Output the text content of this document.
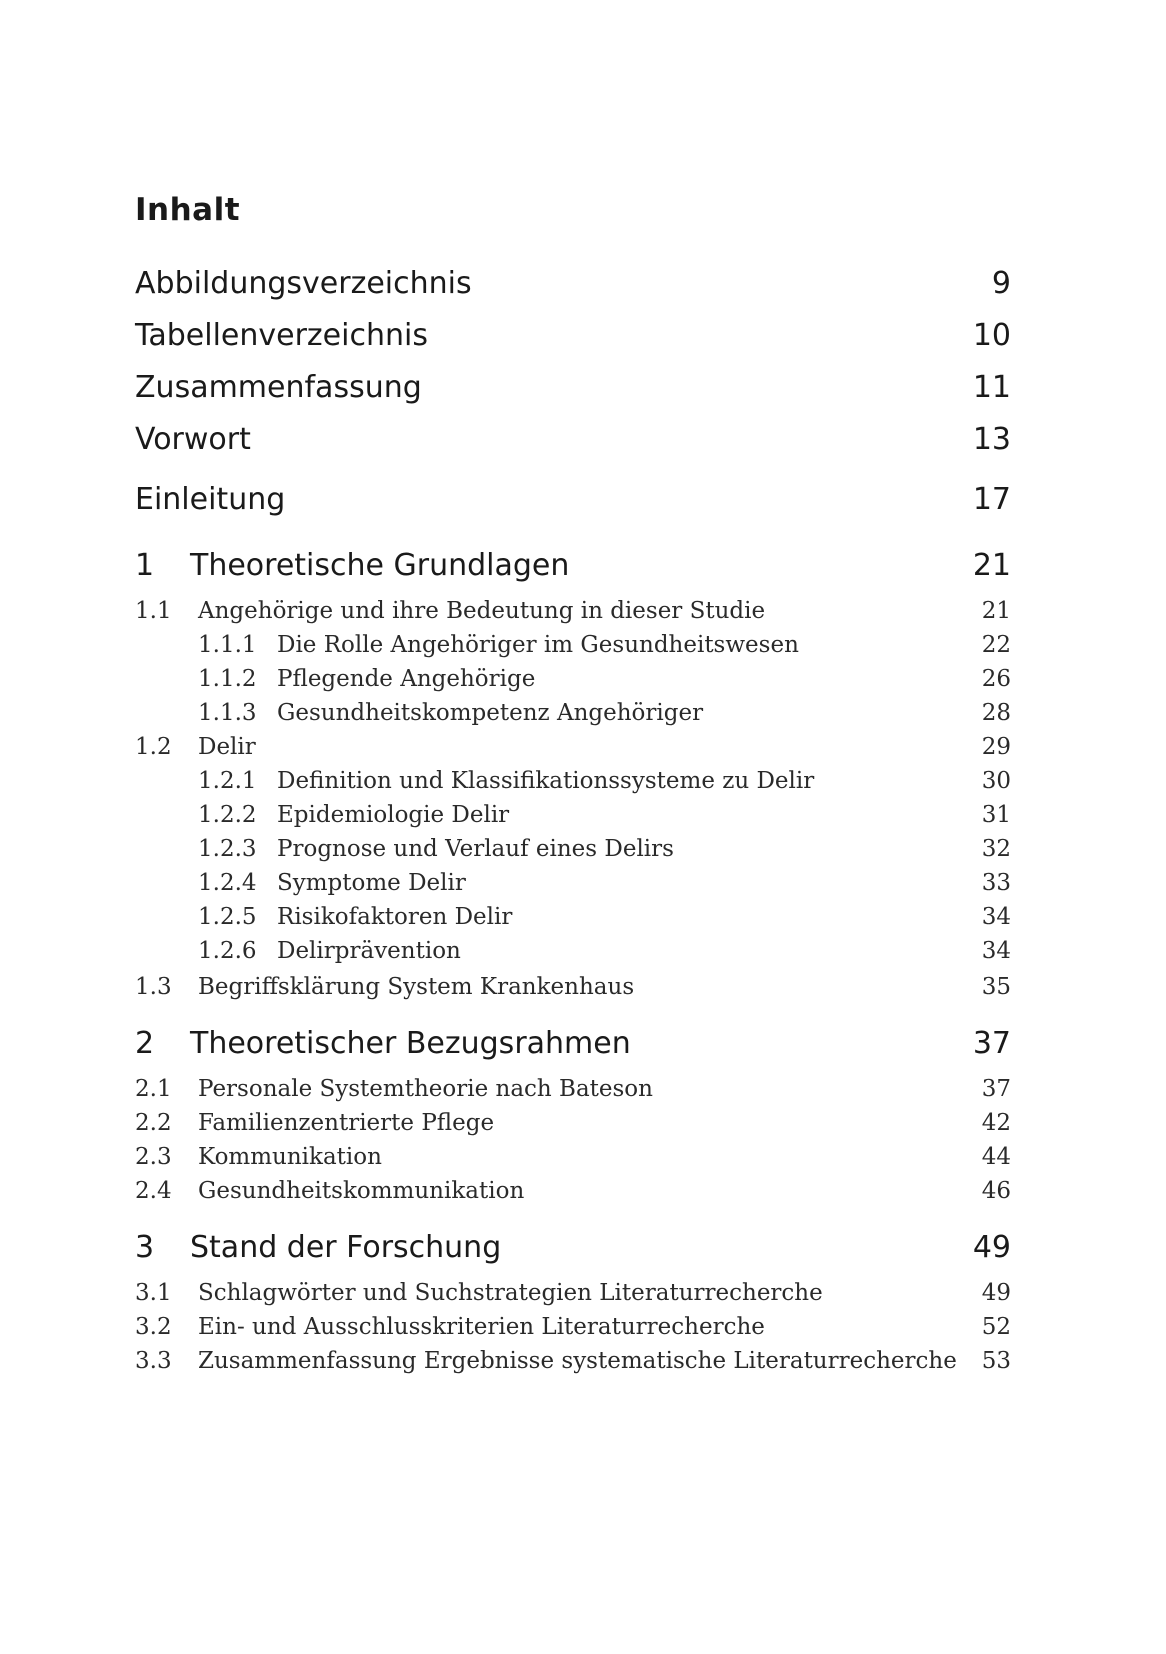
Inhalt
Abbildungsverzeichnis	9
Tabellenverzeichnis	10
Zusammenfassung	11
Vorwort	13
Einleitung	17
1 Theoretische Grundlagen	21
1.1 Angehörige und ihre Bedeutung in dieser Studie	21
1.1.1 Die Rolle Angehöriger im Gesundheitswesen	22
1.1.2 Pflegende Angehörige	26
1.1.3 Gesundheitskompetenz Angehöriger	28
1.2 Delir	29
1.2.1 Definition und Klassifikationssysteme zu Delir	30
1.2.2 Epidemiologie Delir	31
1.2.3 Prognose und Verlauf eines Delirs	32
1.2.4 Symptome Delir	33
1.2.5 Risikofaktoren Delir	34
1.2.6 Delirprävention	34
1.3 Begriffsklärung System Krankenhaus	35
2 Theoretischer Bezugsrahmen	37
2.1 Personale Systemtheorie nach Bateson	37
2.2 Familienzentrierte Pflege	42
2.3 Kommunikation	44
2.4 Gesundheitskommunikation	46
3 Stand der Forschung	49
3.1 Schlagwörter und Suchstrategien Literaturrecherche	49
3.2 Ein- und Ausschlusskriterien Literaturrecherche	52
3.3 Zusammenfassung Ergebnisse systematische Literaturrecherche 53
